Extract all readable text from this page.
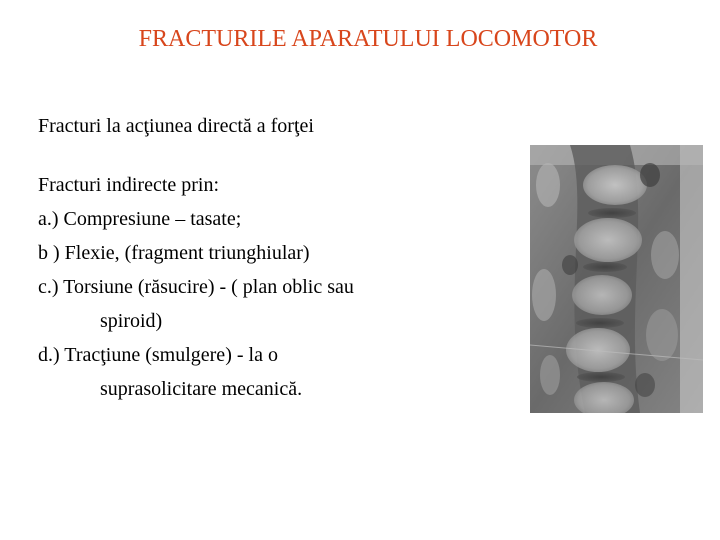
FRACTURILE APARATULUI LOCOMOTOR
Fracturi la acţiunea directă a forţei
Fracturi indirecte prin:
a.) Compresiune – tasate;
b ) Flexie, (fragment triunghiular)
c.) Torsiune (răsucire) - ( plan oblic sau
spiroid)
d.) Tracţiune (smulgere) - la o
suprasolicitare mecanică.
